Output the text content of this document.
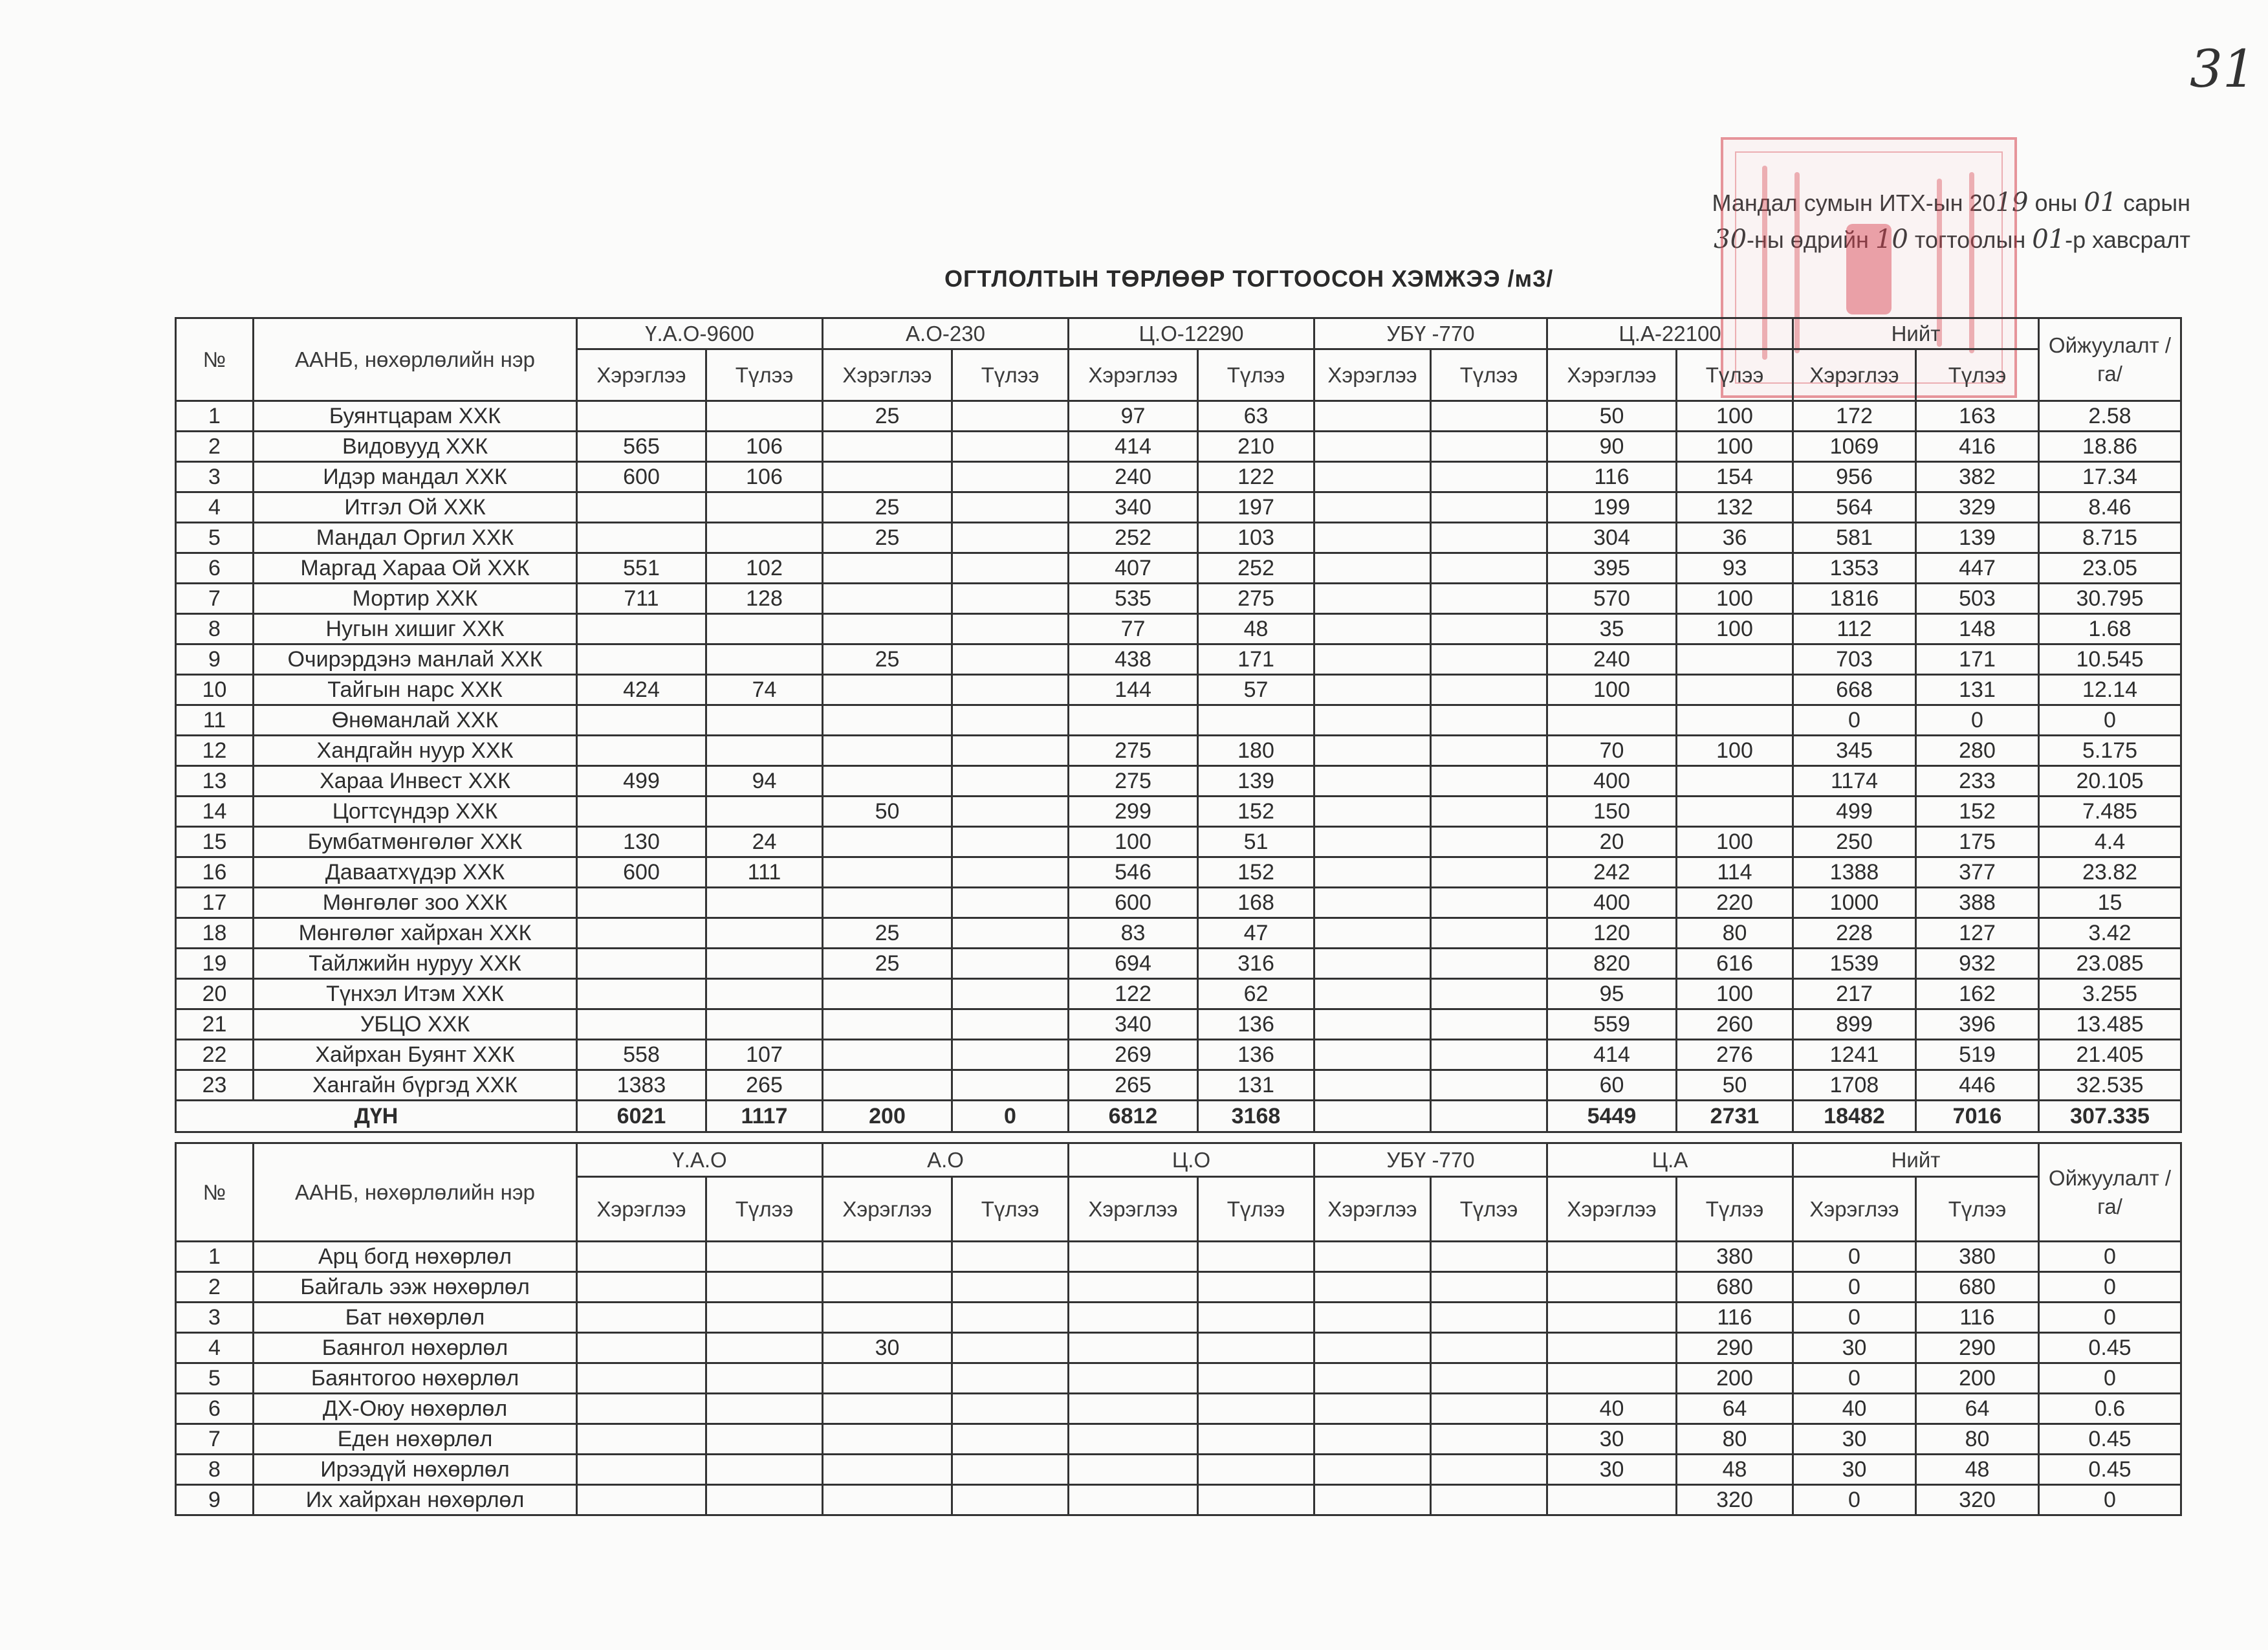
31
Мандал сумын ИТХ-ын 2019 оны 01 сарын
30-ны өдрийн 10 тогтоолын 01-р хавсралт
ОГТЛОЛТЫН ТӨРЛӨӨР ТОГТООСОН ХЭМЖЭЭ /м3/
№	ААНБ, нөхөрлөлийн нэр	Ү.А.О-9600		А.О-230		Ц.О-12290		УБҮ -770		Ц.А-22100		Нийт		Ойжуулалт /га/
		Хэрэглээ	Түлээ	Хэрэглээ	Түлээ	Хэрэглээ	Түлээ	Хэрэглээ	Түлээ	Хэрэглээ	Түлээ	Хэрэглээ	Түлээ	
1	Буянтцарам ХХК			25		97	63			50	100	172	163	2.58
2	Видовууд ХХК	565	106			414	210			90	100	1069	416	18.86
3	Идэр мандал ХХК	600	106			240	122			116	154	956	382	17.34
4	Итгэл Ой ХХК			25		340	197			199	132	564	329	8.46
5	Мандал Оргил ХХК			25		252	103			304	36	581	139	8.715
6	Маргад Хараа Ой ХХК	551	102			407	252			395	93	1353	447	23.05
7	Мортир ХХК	711	128			535	275			570	100	1816	503	30.795
8	Нугын хишиг ХХК					77	48			35	100	112	148	1.68
9	Очирэрдэнэ манлай ХХК			25		438	171			240		703	171	10.545
10	Тайгын нарс ХХК	424	74			144	57			100		668	131	12.14
11	Өнөманлай ХХК											0	0	0
12	Хандгайн нуур ХХК					275	180			70	100	345	280	5.175
13	Хараа Инвест ХХК	499	94			275	139			400		1174	233	20.105
14	Цогтсүндэр ХХК			50		299	152			150		499	152	7.485
15	Бумбатмөнгөлөг ХХК	130	24			100	51			20	100	250	175	4.4
16	Даваатхүдэр ХХК	600	111			546	152			242	114	1388	377	23.82
17	Мөнгөлөг зоо ХХК					600	168			400	220	1000	388	15
18	Мөнгөлөг хайрхан ХХК			25		83	47			120	80	228	127	3.42
19	Тайлжийн нуруу ХХК			25		694	316			820	616	1539	932	23.085
20	Түнхэл Итэм ХХК					122	62			95	100	217	162	3.255
21	УБЦО ХХК					340	136			559	260	899	396	13.485
22	Хайрхан Буянт ХХК	558	107			269	136			414	276	1241	519	21.405
23	Хангайн бүргэд ХХК	1383	265			265	131			60	50	1708	446	32.535
ДҮН		6021	1117	200	0	6812	3168			5449	2731	18482	7016	307.335
№	ААНБ, нөхөрлөлийн нэр	Ү.А.О		А.О		Ц.О		УБҮ -770		Ц.А		Нийт		Ойжуулалт /га/
		Хэрэглээ	Түлээ	Хэрэглээ	Түлээ	Хэрэглээ	Түлээ	Хэрэглээ	Түлээ	Хэрэглээ	Түлээ	Хэрэглээ	Түлээ	
1	Арц богд нөхөрлөл										380	0	380	0
2	Байгаль ээж нөхөрлөл										680	0	680	0
3	Бат нөхөрлөл										116	0	116	0
4	Баянгол нөхөрлөл			30							290	30	290	0.45
5	Баянтогоо нөхөрлөл										200	0	200	0
6	ДХ-Оюу нөхөрлөл									40	64	40	64	0.6
7	Еден нөхөрлөл									30	80	30	80	0.45
8	Ирээдүй нөхөрлөл									30	48	30	48	0.45
9	Их хайрхан нөхөрлөл										320	0	320	0
